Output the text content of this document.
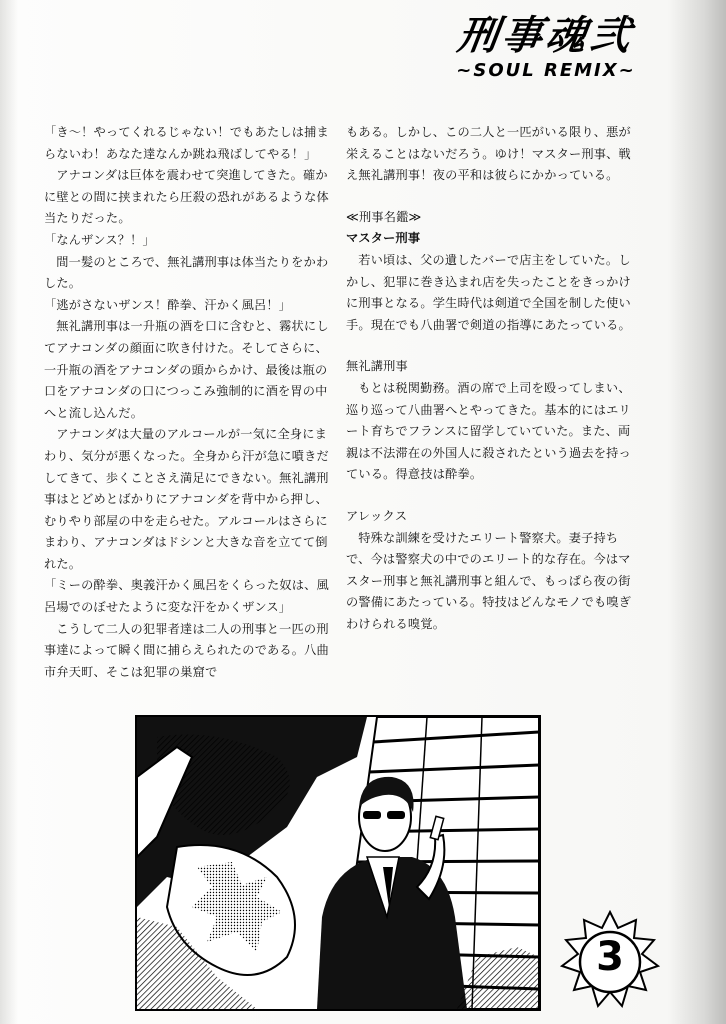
刑事魂弐
~SOUL REMIX~

「き～！やってくれるじゃない！でもあたしは捕まらないわ！あなた達なんか跳ね飛ばしてやる！」

アナコンダは巨体を震わせて突進してきた。確かに壁との間に挟まれたら圧殺の恐れがあるような体当たりだった。

「なんザンス？！」

間一髪のところで、無礼講刑事は体当たりをかわした。

「逃がさないザンス！酔拳、汗かく風呂！」

無礼講刑事は一升瓶の酒を口に含むと、霧状にしてアナコンダの顔面に吹き付けた。そしてさらに、一升瓶の酒をアナコンダの頭からかけ、最後は瓶の口をアナコンダの口につっこみ強制的に酒を胃の中へと流し込んだ。

アナコンダは大量のアルコールが一気に全身にまわり、気分が悪くなった。全身から汗が急に噴きだしてきて、歩くことさえ満足にできない。無礼講刑事はとどめとばかりにアナコンダを背中から押し、むりやり部屋の中を走らせた。アルコールはさらにまわり、アナコンダはドシンと大きな音を立てて倒れた。

「ミーの酔拳、奥義汗かく風呂をくらった奴は、風呂場でのぼせたように変な汗をかくザンス」

こうして二人の犯罪者達は二人の刑事と一匹の刑事達によって瞬く間に捕らえられたのである。八曲市弁天町、そこは犯罪の巣窟で

もある。しかし、この二人と一匹がいる限り、悪が栄えることはないだろう。ゆけ！マスター刑事、戦え無礼講刑事！夜の平和は彼らにかかっている。

≪刑事名鑑≫

マスター刑事

若い頃は、父の遺したバーで店主をしていた。しかし、犯罪に巻き込まれ店を失ったことをきっかけに刑事となる。学生時代は剣道で全国を制した使い手。現在でも八曲署で剣道の指導にあたっている。

無礼講刑事

もとは税関勤務。酒の席で上司を殴ってしまい、巡り巡って八曲署へとやってきた。基本的にはエリート育ちでフランスに留学していていた。また、両親は不法滞在の外国人に殺されたという過去を持っている。得意技は酔拳。

アレックス

特殊な訓練を受けたエリート警察犬。妻子持ちで、今は警察犬の中でのエリート的な存在。今はマスター刑事と無礼講刑事と組んで、もっぱら夜の街の警備にあたっている。特技はどんなモノでも嗅ぎわけられる嗅覚。

3
